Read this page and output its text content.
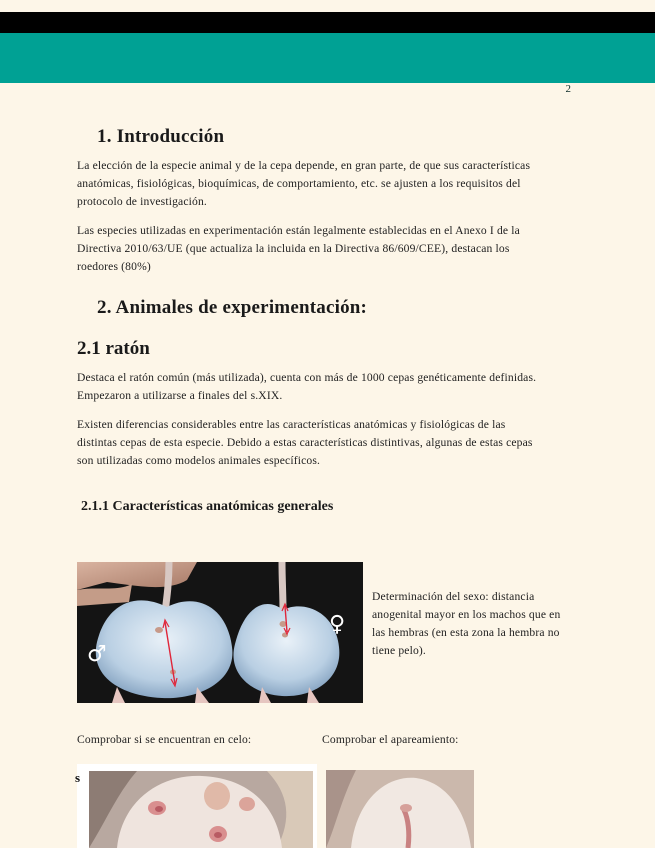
2
1. Introducción
La elección de la especie animal y de la cepa depende, en gran parte, de que sus características
anatómicas, fisiológicas, bioquímicas, de comportamiento, etc. se ajusten a los requisitos del
protocolo de investigación.
Las especies utilizadas en experimentación están legalmente establecidas en el Anexo I de la
Directiva 2010/63/UE (que actualiza la incluida en la Directiva 86/609/CEE), destacan los
roedores (80%)
2. Animales de experimentación:
2.1 ratón
Destaca el ratón común (más utilizada), cuenta con más de 1000 cepas genéticamente definidas.
Empezaron a utilizarse a finales del s.XIX.
Existen diferencias considerables entre las características anatómicas y fisiológicas de las
distintas cepas de esta especie. Debido a estas características distintivas, algunas de estas cepas
son utilizadas como modelos animales específicos.
2.1.1 Características anatómicas generales
♂
♀
Determinación del sexo: distancia
anogenital mayor en los machos que en
las hembras (en esta zona la hembra no
tiene pelo).
Comprobar si se encuentran en celo:	Comprobar el apareamiento:
s
